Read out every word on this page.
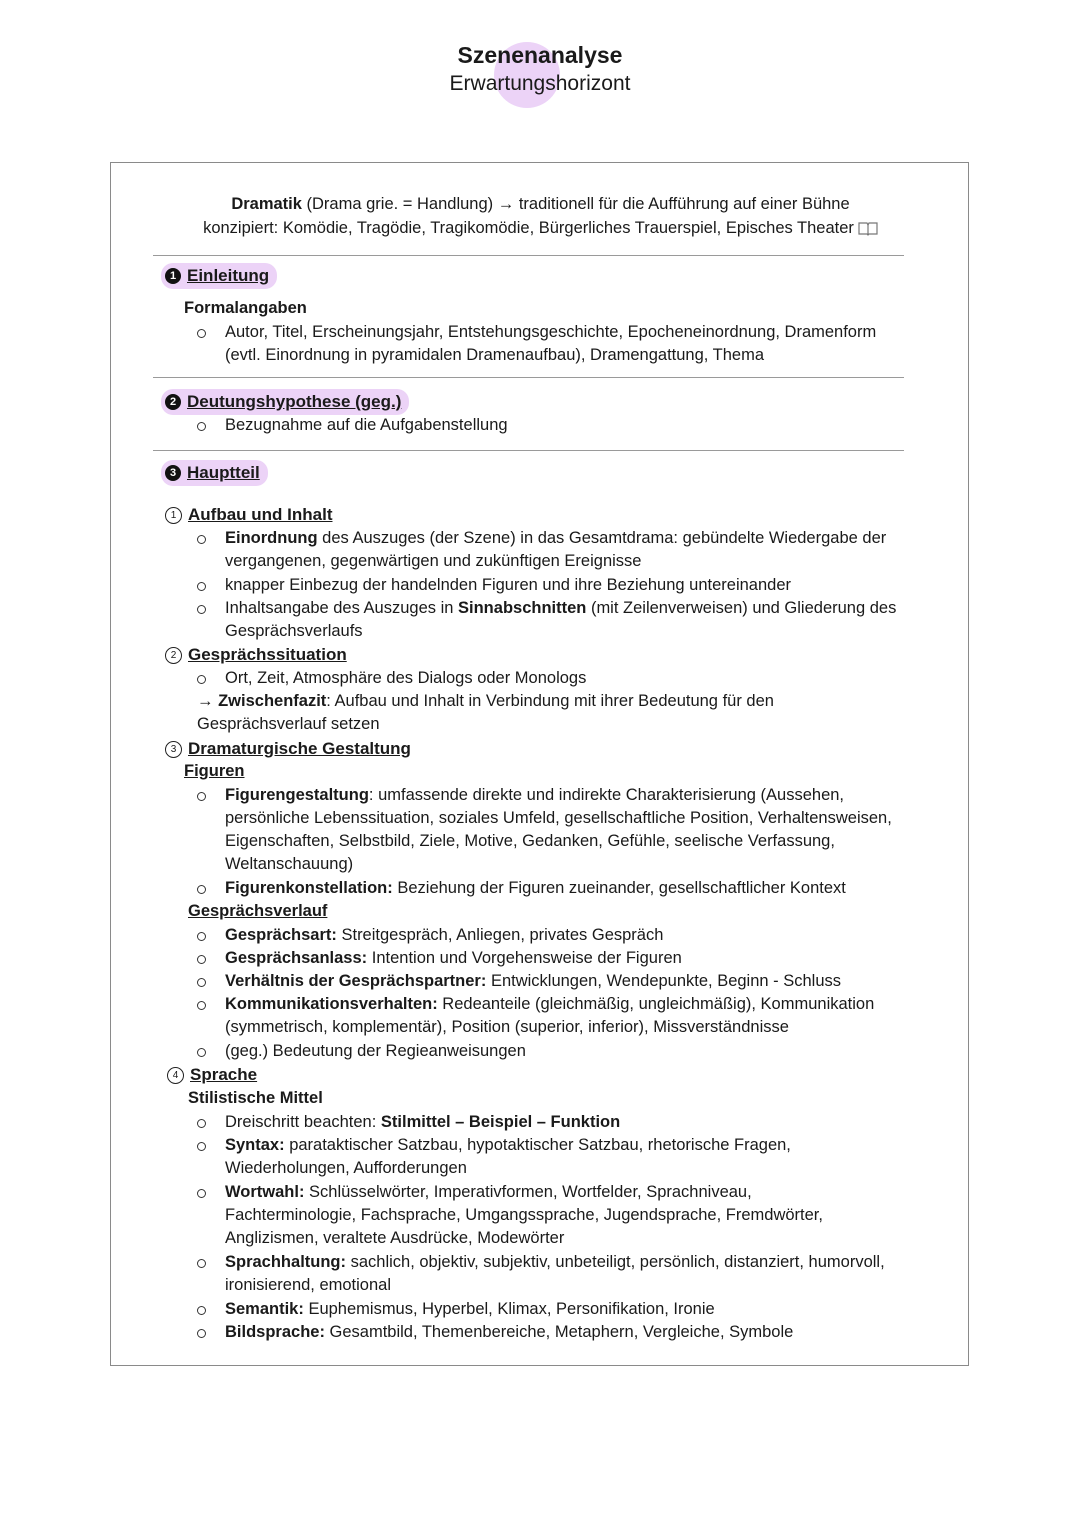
Szenenanalyse
Erwartungshorizont
Dramatik (Drama grie. = Handlung) → traditionell für die Aufführung auf einer Bühne
konzipiert: Komödie, Tragödie, Tragikomödie, Bürgerliches Trauerspiel, Episches Theater
1 Einleitung
Formalangaben
Autor, Titel, Erscheinungsjahr, Entstehungsgeschichte, Epocheneinordnung, Dramenform
(evtl. Einordnung in pyramidalen Dramenaufbau), Dramengattung, Thema
2 Deutungshypothese (geg.)
Bezugnahme auf die Aufgabenstellung
3 Hauptteil
1 Aufbau und Inhalt
Einordnung des Auszuges (der Szene) in das Gesamtdrama: gebündelte Wiedergabe der
vergangenen, gegenwärtigen und zukünftigen Ereignisse
knapper Einbezug der handelnden Figuren und ihre Beziehung untereinander
Inhaltsangabe des Auszuges in Sinnabschnitten (mit Zeilenverweisen) und Gliederung des
Gesprächsverlaufs
2 Gesprächssituation
Ort, Zeit, Atmosphäre des Dialogs oder Monologs
→ Zwischenfazit: Aufbau und Inhalt in Verbindung mit ihrer Bedeutung für den
Gesprächsverlauf setzen
3 Dramaturgische Gestaltung
Figuren
Figurengestaltung: umfassende direkte und indirekte Charakterisierung (Aussehen,
persönliche Lebenssituation, soziales Umfeld, gesellschaftliche Position, Verhaltensweisen,
Eigenschaften, Selbstbild, Ziele, Motive, Gedanken, Gefühle, seelische Verfassung,
Weltanschauung)
Figurenkonstellation: Beziehung der Figuren zueinander, gesellschaftlicher Kontext
Gesprächsverlauf
Gesprächsart: Streitgespräch, Anliegen, privates Gespräch
Gesprächsanlass: Intention und Vorgehensweise der Figuren
Verhältnis der Gesprächspartner: Entwicklungen, Wendepunkte, Beginn - Schluss
Kommunikationsverhalten: Redeanteile (gleichmäßig, ungleichmäßig), Kommunikation
(symmetrisch, komplementär), Position (superior, inferior), Missverständnisse
(geg.) Bedeutung der Regieanweisungen
4 Sprache
Stilistische Mittel
Dreischritt beachten: Stilmittel – Beispiel – Funktion
Syntax: parataktischer Satzbau, hypotaktischer Satzbau, rhetorische Fragen,
Wiederholungen, Aufforderungen
Wortwahl: Schlüsselwörter, Imperativformen, Wortfelder, Sprachniveau,
Fachterminologie, Fachsprache, Umgangssprache, Jugendsprache, Fremdwörter,
Anglizismen, veraltete Ausdrücke, Modewörter
Sprachhaltung: sachlich, objektiv, subjektiv, unbeteiligt, persönlich, distanziert, humorvoll,
ironisierend, emotional
Semantik: Euphemismus, Hyperbel, Klimax, Personifikation, Ironie
Bildsprache: Gesamtbild, Themenbereiche, Metaphern, Vergleiche, Symbole
